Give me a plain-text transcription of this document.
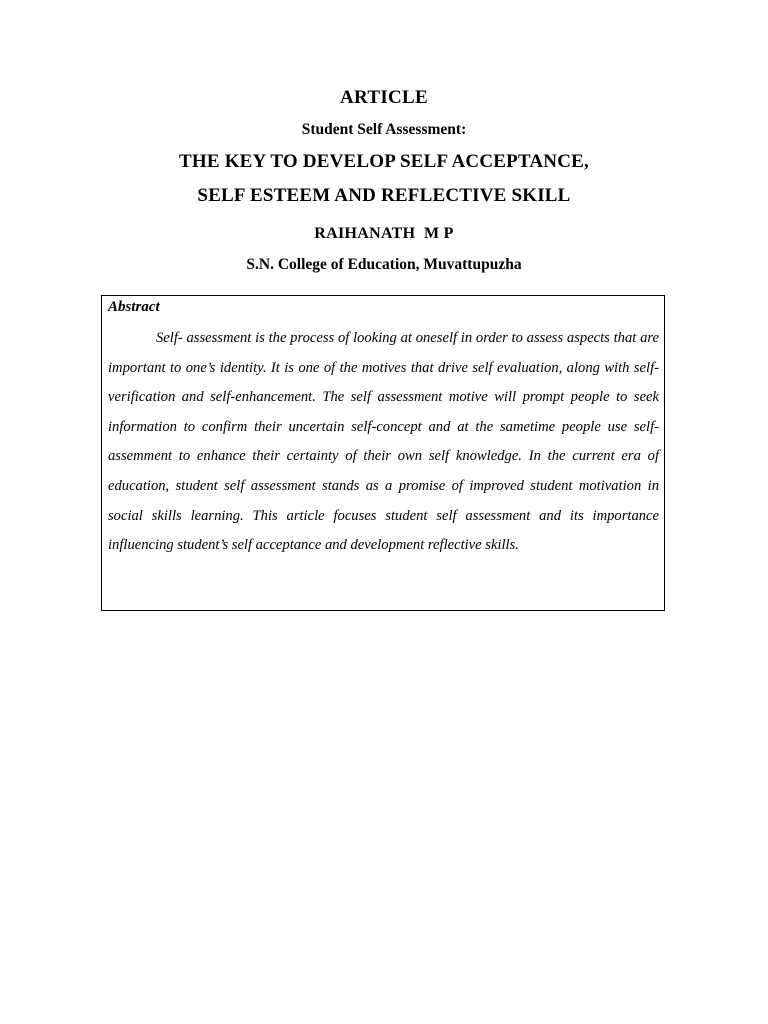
ARTICLE
Student Self Assessment:
THE KEY TO DEVELOP SELF ACCEPTANCE,
SELF ESTEEM AND REFLECTIVE SKILL
RAIHANATH  M P
S.N. College of Education, Muvattupuzha
Abstract

Self- assessment is the process of looking at oneself in order to assess aspects that are important to one’s identity. It is one of the motives that drive self evaluation, along with self-verification and self-enhancement. The self assessment motive will prompt people to seek information to confirm their uncertain self-concept and at the sametime people use self-assemment to enhance their certainty of their own self knowledge. In the current era of education, student self assessment stands as a promise of improved student motivation in social skills learning. This article focuses student self assessment and its importance influencing student’s self acceptance and development reflective skills.
